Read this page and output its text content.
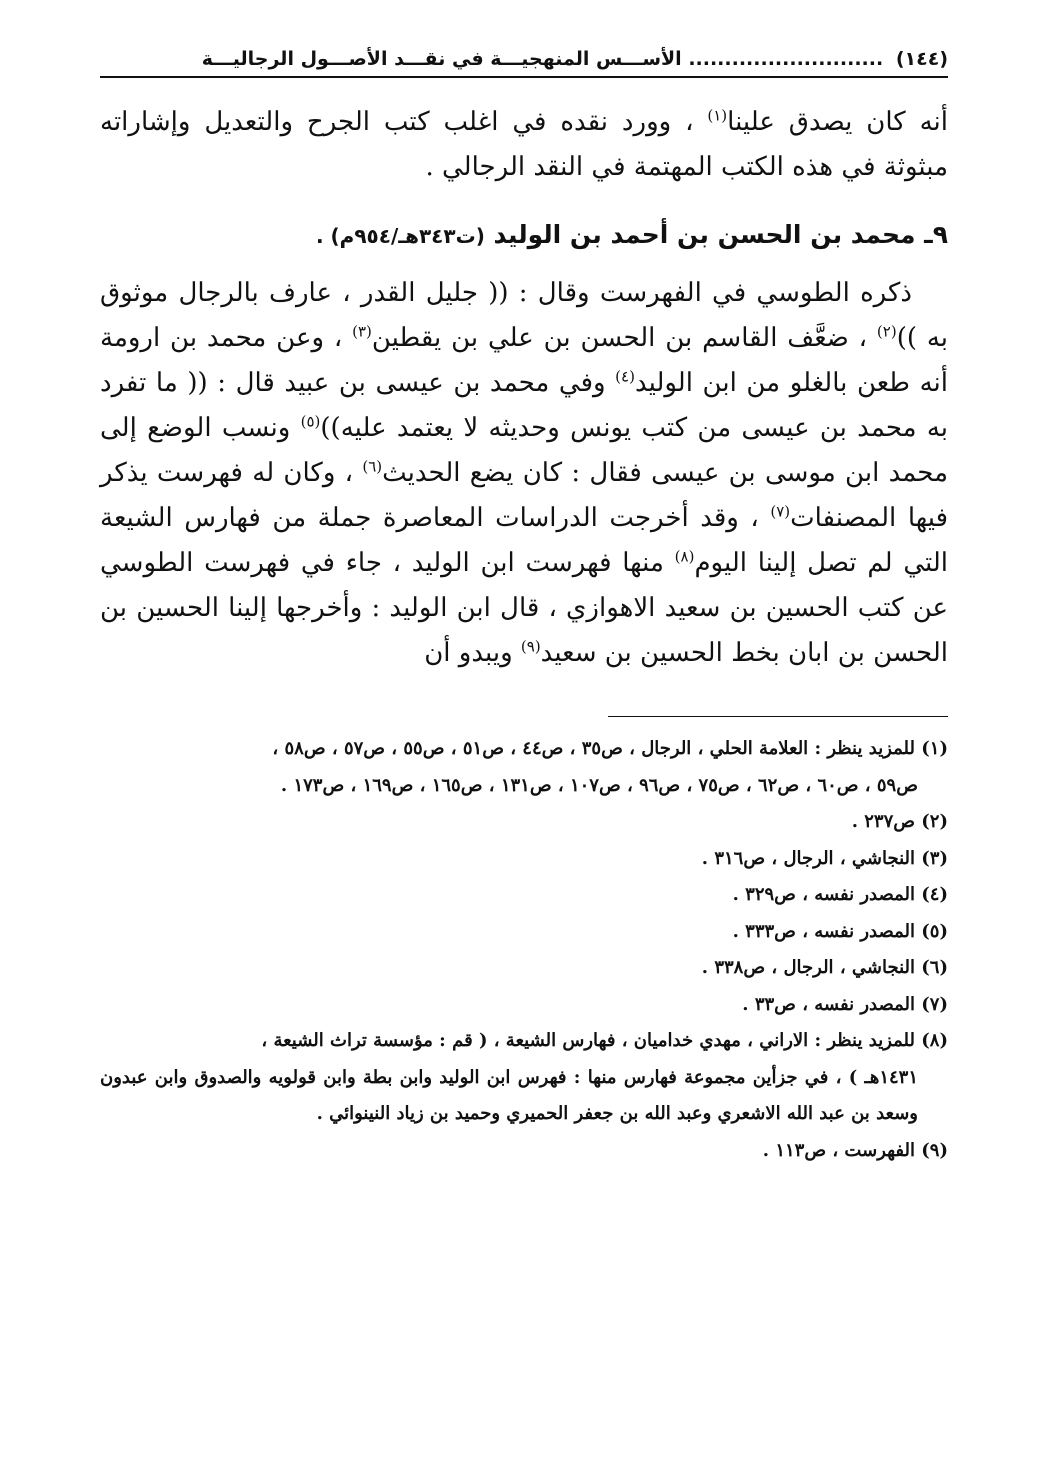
(١٤٤) ........................... الأســـس المنهجيـــة في نقـــد الأصـــول الرجاليـــة

أنه كان يصدق علينا$^{(١)}$ ، وورد نقده في اغلب كتب الجرح والتعديل وإشاراته مبثوثة في هذه الكتب المهتمة في النقد الرجالي .

٩ـ محمد بن الحسن بن أحمد بن الوليد (ت٣٤٣هـ/٩٥٤م) .

ذكره الطوسي في الفهرست وقال : (( جليل القدر ، عارف بالرجال موثوق به ))$^{(٢)}$ ، ضعَّف القاسم بن الحسن بن علي بن يقطين$^{(٣)}$ ، وعن محمد بن ارومة أنه طعن بالغلو من ابن الوليد$^{(٤)}$ وفي محمد بن عيسى بن عبيد قال : (( ما تفرد به محمد بن عيسى من كتب يونس وحديثه لا يعتمد عليه))$^{(٥)}$ ونسب الوضع إلى محمد ابن موسى بن عيسى فقال : كان يضع الحديث$^{(٦)}$ ، وكان له فهرست يذكر فيها المصنفات$^{(٧)}$ ، وقد أخرجت الدراسات المعاصرة جملة من فهارس الشيعة التي لم تصل إلينا اليوم$^{(٨)}$ منها فهرست ابن الوليد ، جاء في فهرست الطوسي عن كتب الحسين بن سعيد الاهوازي ، قال ابن الوليد : وأخرجها إلينا الحسين بن الحسن بن ابان بخط الحسين بن سعيد$^{(٩)}$ ويبدو أن

(١) للمزيد ينظر : العلامة الحلي ، الرجال ، ص٣٥ ، ص٤٤ ، ص٥١ ، ص٥٥ ، ص٥٧ ، ص٥٨ ،

ص٥٩ ، ص٦٠ ، ص٦٢ ، ص٧٥ ، ص٩٦ ، ص١٠٧ ، ص١٣١ ، ص١٦٥ ، ص١٦٩ ، ص١٧٣ .

(٢) ص٢٣٧ .

(٣) النجاشي ، الرجال ، ص٣١٦ .

(٤) المصدر نفسه ، ص٣٢٩ .

(٥) المصدر نفسه ، ص٣٣٣ .

(٦) النجاشي ، الرجال ، ص٣٣٨ .

(٧) المصدر نفسه ، ص٣٣ .

(٨) للمزيد ينظر : الاراني ، مهدي خداميان ، فهارس الشيعة ، ( قم : مؤسسة تراث الشيعة ،

١٤٣١هـ ) ، في جزأين مجموعة فهارس منها : فهرس ابن الوليد وابن بطة وابن قولويه والصدوق وابن عبدون وسعد بن عبد الله الاشعري وعبد الله بن جعفر الحميري وحميد بن زياد النينوائي .

(٩) الفهرست ، ص١١٣ .
